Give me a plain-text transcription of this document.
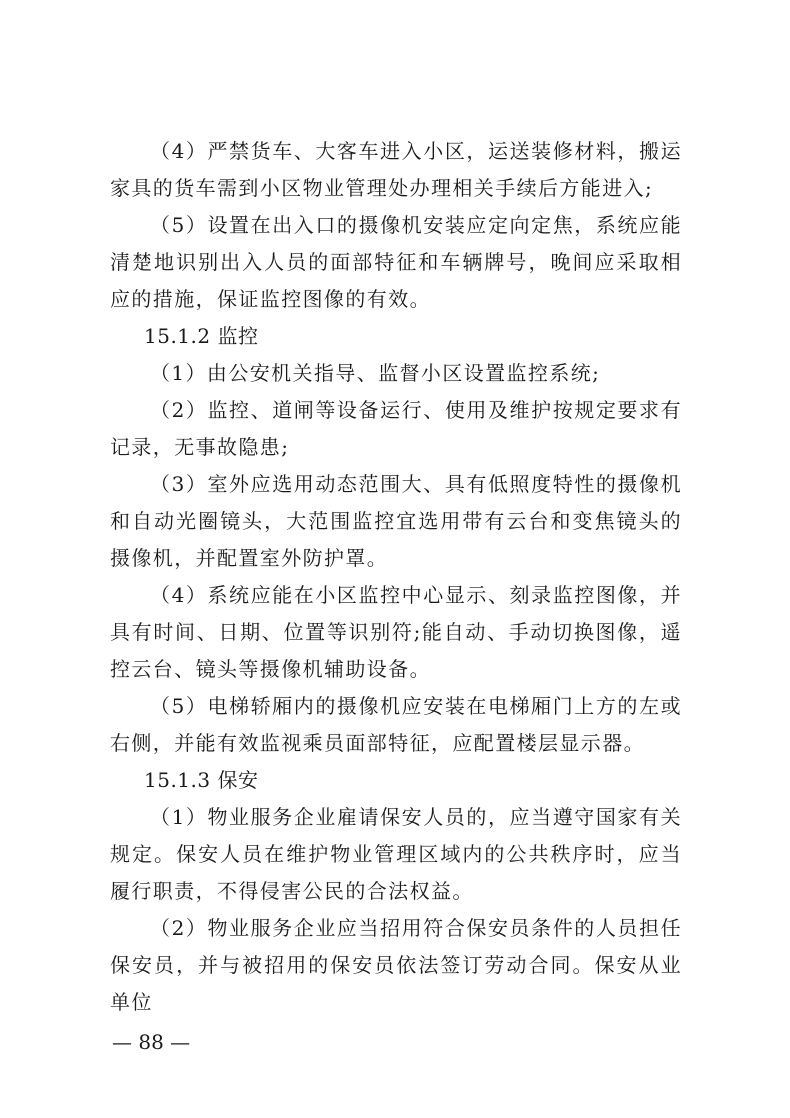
（4）严禁货车、大客车进入小区，运送装修材料，搬运家具的货车需到小区物业管理处办理相关手续后方能进入;

（5）设置在出入口的摄像机安装应定向定焦，系统应能清楚地识别出入人员的面部特征和车辆牌号，晚间应采取相应的措施，保证监控图像的有效。

15.1.2 监控

（1）由公安机关指导、监督小区设置监控系统;

（2）监控、道闸等设备运行、使用及维护按规定要求有记录，无事故隐患;

（3）室外应选用动态范围大、具有低照度特性的摄像机和自动光圈镜头，大范围监控宜选用带有云台和变焦镜头的摄像机，并配置室外防护罩。

（4）系统应能在小区监控中心显示、刻录监控图像，并具有时间、日期、位置等识别符;能自动、手动切换图像，遥控云台、镜头等摄像机辅助设备。

（5）电梯轿厢内的摄像机应安装在电梯厢门上方的左或右侧，并能有效监视乘员面部特征，应配置楼层显示器。

15.1.3 保安

（1）物业服务企业雇请保安人员的，应当遵守国家有关规定。保安人员在维护物业管理区域内的公共秩序时，应当履行职责，不得侵害公民的合法权益。

（2）物业服务企业应当招用符合保安员条件的人员担任保安员，并与被招用的保安员依法签订劳动合同。保安从业单位

— 88 —
